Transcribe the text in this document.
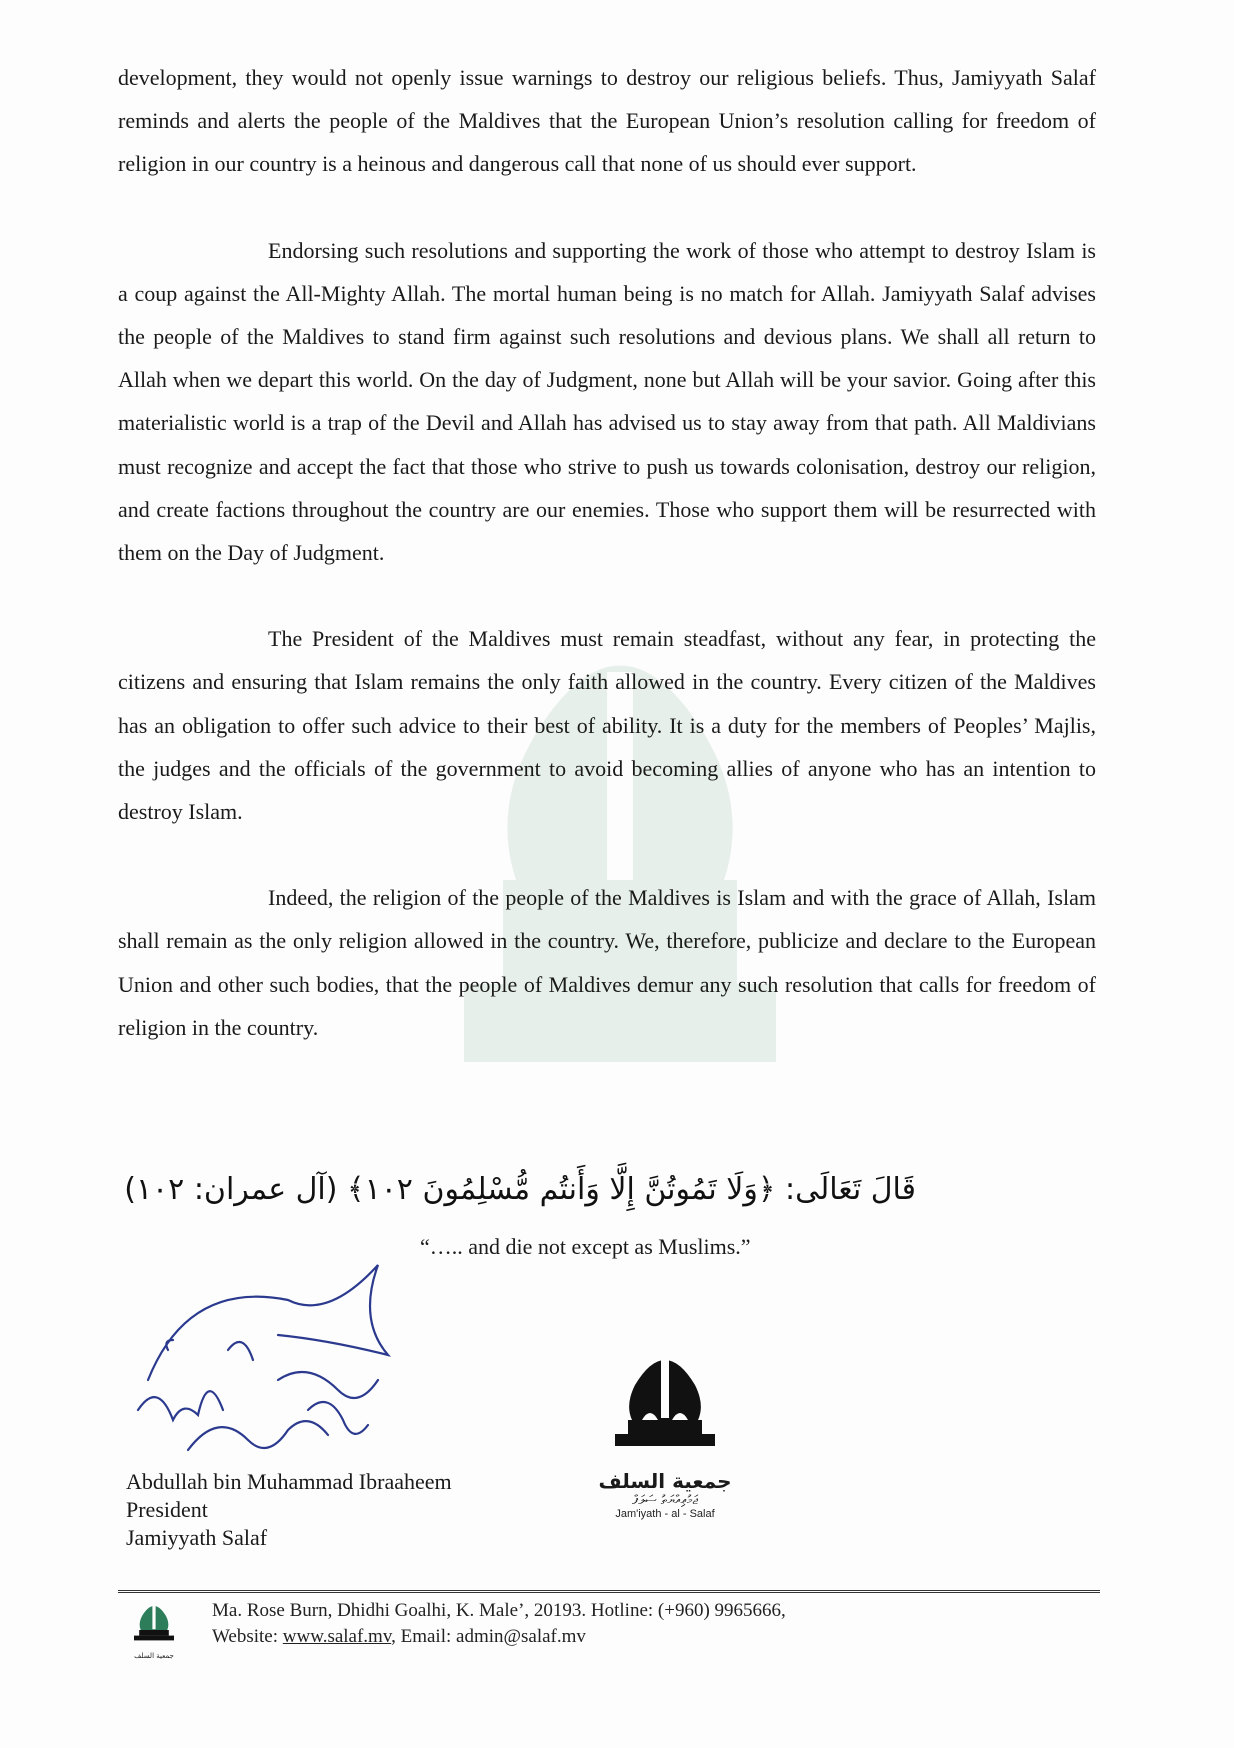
development, they would not openly issue warnings to destroy our religious beliefs. Thus, Jamiyyath Salaf reminds and alerts the people of the Maldives that the European Union’s resolution calling for freedom of religion in our country is a heinous and dangerous call that none of us should ever support.

Endorsing such resolutions and supporting the work of those who attempt to destroy Islam is a coup against the All-Mighty Allah. The mortal human being is no match for Allah. Jamiyyath Salaf advises the people of the Maldives to stand firm against such resolutions and devious plans. We shall all return to Allah when we depart this world. On the day of Judgment, none but Allah will be your savior. Going after this materialistic world is a trap of the Devil and Allah has advised us to stay away from that path. All Maldivians must recognize and accept the fact that those who strive to push us towards colonisation, destroy our religion, and create factions throughout the country are our enemies. Those who support them will be resurrected with them on the Day of Judgment.

The President of the Maldives must remain steadfast, without any fear, in protecting the citizens and ensuring that Islam remains the only faith allowed in the country. Every citizen of the Maldives has an obligation to offer such advice to their best of ability. It is a duty for the members of Peoples’ Majlis, the judges and the officials of the government to avoid becoming allies of anyone who has an intention to destroy Islam.

Indeed, the religion of the people of the Maldives is Islam and with the grace of Allah, Islam shall remain as the only religion allowed in the country. We, therefore, publicize and declare to the European Union and other such bodies, that the people of Maldives demur any such resolution that calls for freedom of religion in the country.

قَالَ تَعَالَى: ﴿وَلَا تَمُوتُنَّ إِلَّا وَأَنتُم مُّسْلِمُونَ ١٠٢﴾ (آل عمران: ١٠٢)
“….. and die not except as Muslims.”
Abdullah bin Muhammad Ibraaheem
President
Jamiyyath Salaf
جمعية السلف
ޖަމުޢިއްޔަތު ސަލަފް
Jam'iyath - al - Salaf
جمعية السلف
Ma. Rose Burn, Dhidhi Goalhi, K. Male’, 20193. Hotline: (+960) 9965666,
Website: www.salaf.mv, Email: admin@salaf.mv
